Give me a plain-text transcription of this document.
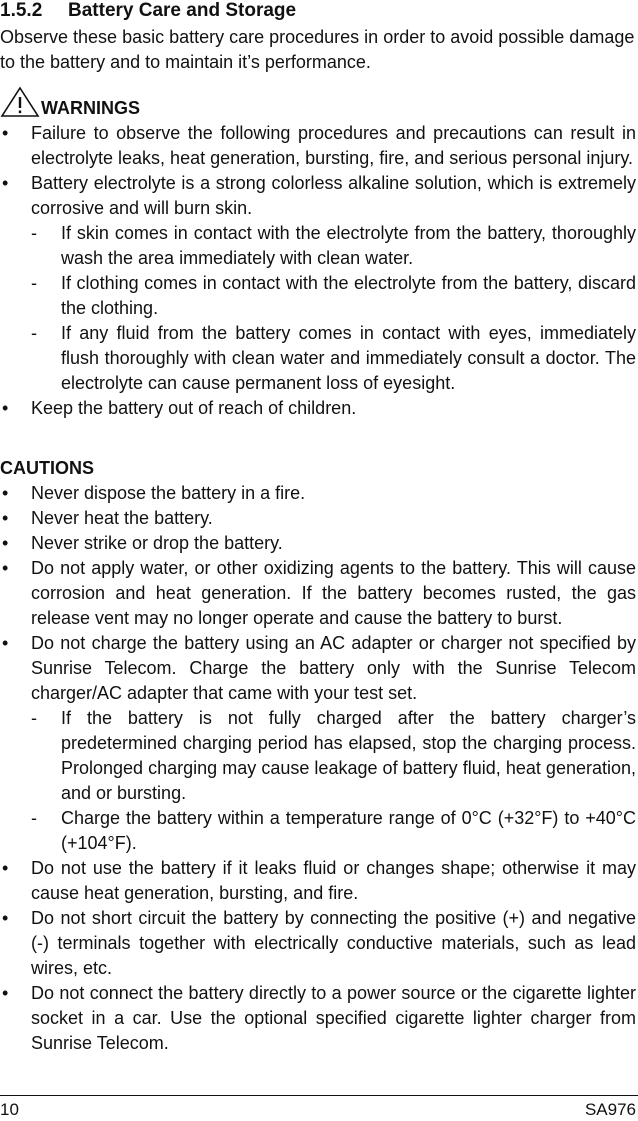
1.5.2 Battery Care and Storage
Observe these basic battery care procedures in order to avoid possible damage to the battery and to maintain it’s performance.
WARNINGS
• Failure to observe the following procedures and precautions can result in electrolyte leaks, heat generation, bursting, fire, and serious personal injury.
• Battery electrolyte is a strong colorless alkaline solution, which is extremely corrosive and will burn skin.
- If skin comes in contact with the electrolyte from the battery, thoroughly wash the area immediately with clean water.
- If clothing comes in contact with the electrolyte from the battery, discard the clothing.
- If any fluid from the battery comes in contact with eyes, immediately flush thoroughly with clean water and immediately consult a doctor. The electrolyte can cause permanent loss of eyesight.
• Keep the battery out of reach of children.
CAUTIONS
• Never dispose the battery in a fire.
• Never heat the battery.
• Never strike or drop the battery.
• Do not apply water, or other oxidizing agents to the battery. This will cause corrosion and heat generation. If the battery becomes rusted, the gas release vent may no longer operate and cause the battery to burst.
• Do not charge the battery using an AC adapter or charger not specified by Sunrise Telecom. Charge the battery only with the Sunrise Telecom charger/AC adapter that came with your test set.
- If the battery is not fully charged after the battery charger’s predetermined charging period has elapsed, stop the charging process. Prolonged charging may cause leakage of battery fluid, heat generation, and or bursting.
- Charge the battery within a temperature range of 0°C (+32°F) to +40°C (+104°F).
• Do not use the battery if it leaks fluid or changes shape; otherwise it may cause heat generation, bursting, and fire.
• Do not short circuit the battery by connecting the positive (+) and negative (-) terminals together with electrically conductive materials, such as lead wires, etc.
• Do not connect the battery directly to a power source or the cigarette lighter socket in a car. Use the optional specified cigarette lighter charger from Sunrise Telecom.
10	SA976
